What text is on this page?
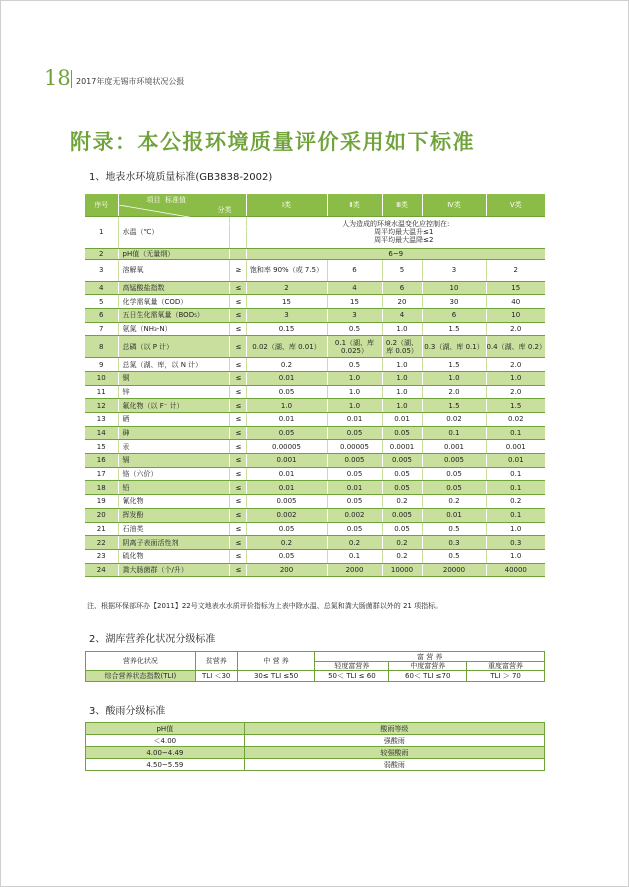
18 2017年度无锡市环境状况公报
附录：本公报环境质量评价采用如下标准
1、地表水环境质量标准(GB3838-2002)
序号	分类
项目 标准值		Ⅰ类	Ⅱ类	Ⅲ类	Ⅳ类	Ⅴ类
1	水温（℃）		人为造成的环境水温变化应控制在:
周平均最大温升≤1
周平均最大温降≤2				

2	pH值（无量纲）		6~9				
3	溶解氧	≥	饱和率 90%（或 7.5）	6	5	3	2
4	高锰酸盐指数	≤	2	4	6	10	15
5	化学需氧量（COD）	≤	15	15	20	30	40
6	五日生化需氧量（BOD₅）	≤	3	3	4	6	10
7	氨氮（NH₃-N）	≤	0.15	0.5	1.0	1.5	2.0
8	总磷（以 P 计）	≤	0.02（湖、库 0.01）	0.1（湖、库 0.025）	0.2（湖、库 0.05）	0.3（湖、库 0.1）	0.4（湖、库 0.2）
9	总氮（湖、库，以 N 计）	≤	0.2	0.5	1.0	1.5	2.0
10	铜	≤	0.01	1.0	1.0	1.0	1.0
11	锌	≤	0.05	1.0	1.0	2.0	2.0
12	氟化物（以 F⁻ 计）	≤	1.0	1.0	1.0	1.5	1.5
13	硒	≤	0.01	0.01	0.01	0.02	0.02
14	砷	≤	0.05	0.05	0.05	0.1	0.1
15	汞	≤	0.00005	0.00005	0.0001	0.001	0.001
16	镉	≤	0.001	0.005	0.005	0.005	0.01
17	铬（六价）	≤	0.01	0.05	0.05	0.05	0.1
18	铅	≤	0.01	0.01	0.05	0.05	0.1
19	氰化物	≤	0.005	0.05	0.2	0.2	0.2
20	挥发酚	≤	0.002	0.002	0.005	0.01	0.1
21	石油类	≤	0.05	0.05	0.05	0.5	1.0
22	阴离子表面活性剂	≤	0.2	0.2	0.2	0.3	0.3
23	硫化物	≤	0.05	0.1	0.2	0.5	1.0
24	粪大肠菌群（个/升）	≤	200	2000	10000	20000	40000
注、根据环保部环办【2011】22号文地表水水质评价指标为上表中除水温、总氮和粪大肠菌群以外的 21 项指标。
2、湖库营养化状况分级标准
营养化状况	贫营养	中 营 养	富 营 养		
			轻度富营养	中度富营养	重度富营养
综合营养状态指数(TLI)	TLI ＜30	30≤ TLI ≤50	50＜ TLI ≤ 60	60＜ TLI ≤70	TLI ＞ 70
3、酸雨分级标准
pH值	酸雨等级
＜4.00	强酸雨
4.00~4.49	较强酸雨
4.50~5.59	弱酸雨
